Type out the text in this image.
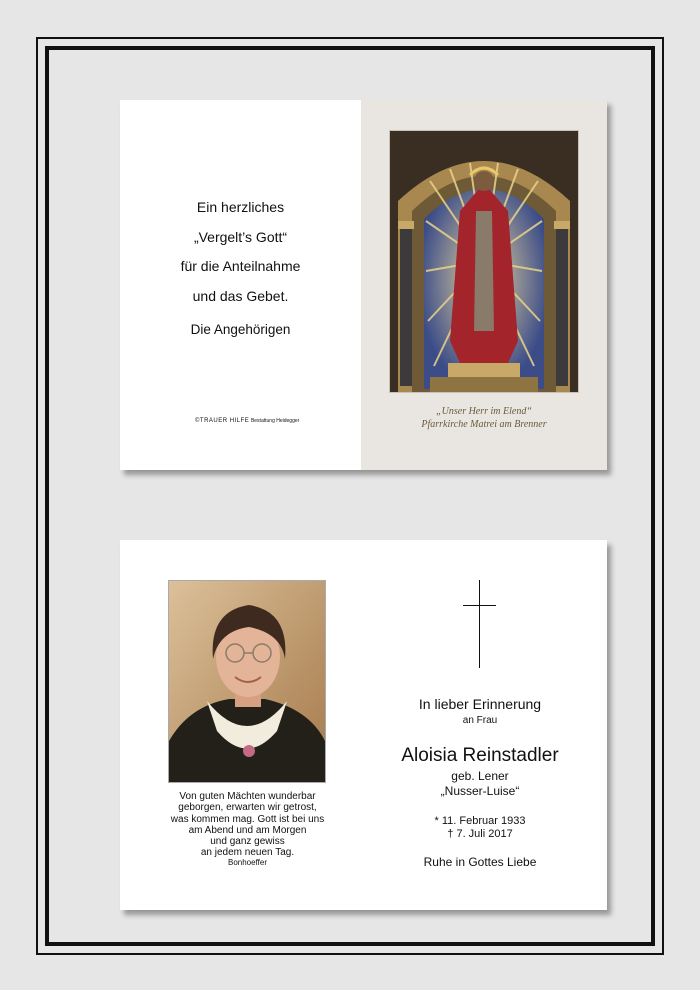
Ein herzliches
„Vergelt’s Gott“
für die Anteilnahme
und das Gebet.
Die Angehörigen
©TRAUER HILFE Bestattung Heidegger
„Unser Herr im Elend“
Pfarrkirche Matrei am Brenner
Von guten Mächten wunderbar
geborgen, erwarten wir getrost,
was kommen mag. Gott ist bei uns
am Abend und am Morgen
und ganz gewiss
an jedem neuen Tag.
Bonhoeffer
In lieber Erinnerung
an Frau
Aloisia Reinstadler
geb. Lener
„Nusser-Luise“
* 11. Februar 1933
† 7. Juli 2017
Ruhe in Gottes Liebe
